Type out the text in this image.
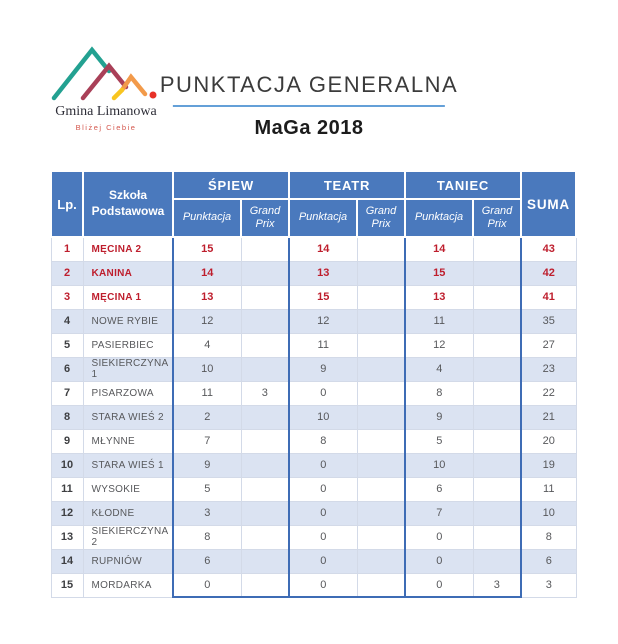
Gmina Limanowa
Bliżej Ciebie
PUNKTACJA GENERALNA
MaGa 2018
Lp.	Szkoła Podstawowa	ŚPIEW		TEATR		TANIEC		SUMA
		Punktacja	Grand Prix	Punktacja	Grand Prix	Punktacja	Grand Prix	
1	MĘCINA 2	15		14		14		43
2	KANINA	14		13		15		42
3	MĘCINA 1	13		15		13		41
4	NOWE RYBIE	12		12		11		35
5	PASIERBIEC	4		11		12		27
6	SIEKIERCZYNA 1	10		9		4		23
7	PISARZOWA	11	3	0		8		22
8	STARA WIEŚ 2	2		10		9		21
9	MŁYNNE	7		8		5		20
10	STARA WIEŚ 1	9		0		10		19
11	WYSOKIE	5		0		6		11
12	KŁODNE	3		0		7		10
13	SIEKIERCZYNA 2	8		0		0		8
14	RUPNIÓW	6		0		0		6
15	MORDARKA	0		0		0	3	3
